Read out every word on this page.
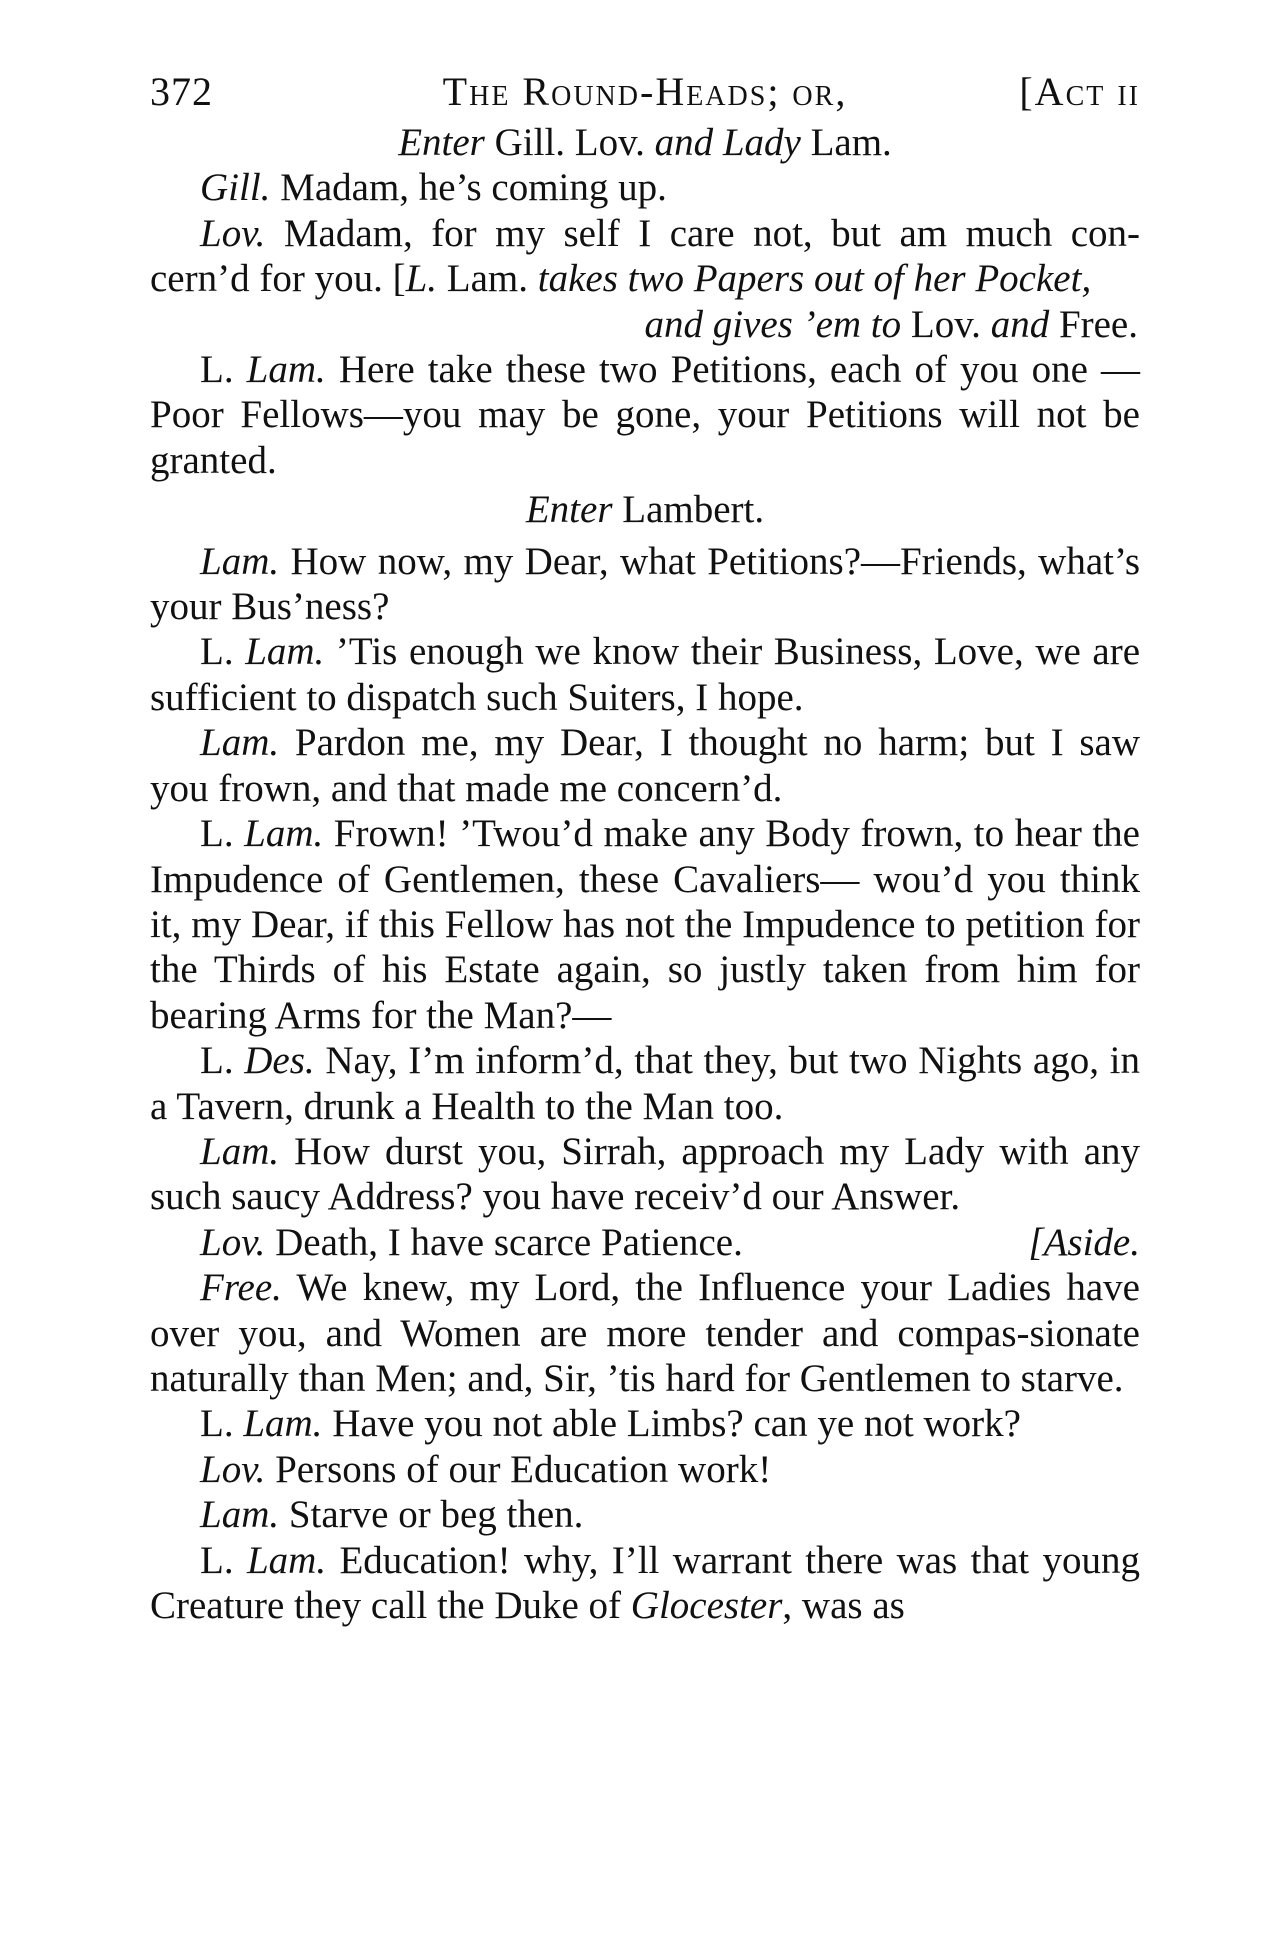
372	The Round-Heads; or,	[Act ii

Enter Gill. Lov. and Lady Lam.

Gill. Madam, he’s coming up.

Lov. Madam, for my self I care not, but am much con-cern’d for you. [L. Lam. takes two Papers out of her Pocket,

and gives ’em to Lov. and Free.

L. Lam. Here take these two Petitions, each of you one —Poor Fellows—you may be gone, your Petitions will not be granted.

Enter Lambert.

Lam. How now, my Dear, what Petitions?—Friends, what’s your Bus’ness?

L. Lam. ’Tis enough we know their Business, Love, we are sufficient to dispatch such Suiters, I hope.

Lam. Pardon me, my Dear, I thought no harm; but I saw you frown, and that made me concern’d.

L. Lam. Frown! ’Twou’d make any Body frown, to hear the Impudence of Gentlemen, these Cavaliers— wou’d you think it, my Dear, if this Fellow has not the Impudence to petition for the Thirds of his Estate again, so justly taken from him for bearing Arms for the Man?—

L. Des. Nay, I’m inform’d, that they, but two Nights ago, in a Tavern, drunk a Health to the Man too.

Lam. How durst you, Sirrah, approach my Lady with any such saucy Address? you have receiv’d our Answer.

Lov. Death, I have scarce Patience.	[Aside.

Free. We knew, my Lord, the Influence your Ladies have over you, and Women are more tender and compas-sionate naturally than Men; and, Sir, ’tis hard for Gentlemen to starve.

L. Lam. Have you not able Limbs? can ye not work?

Lov. Persons of our Education work!

Lam. Starve or beg then.

L. Lam. Education! why, I’ll warrant there was that young Creature they call the Duke of Glocester, was as
